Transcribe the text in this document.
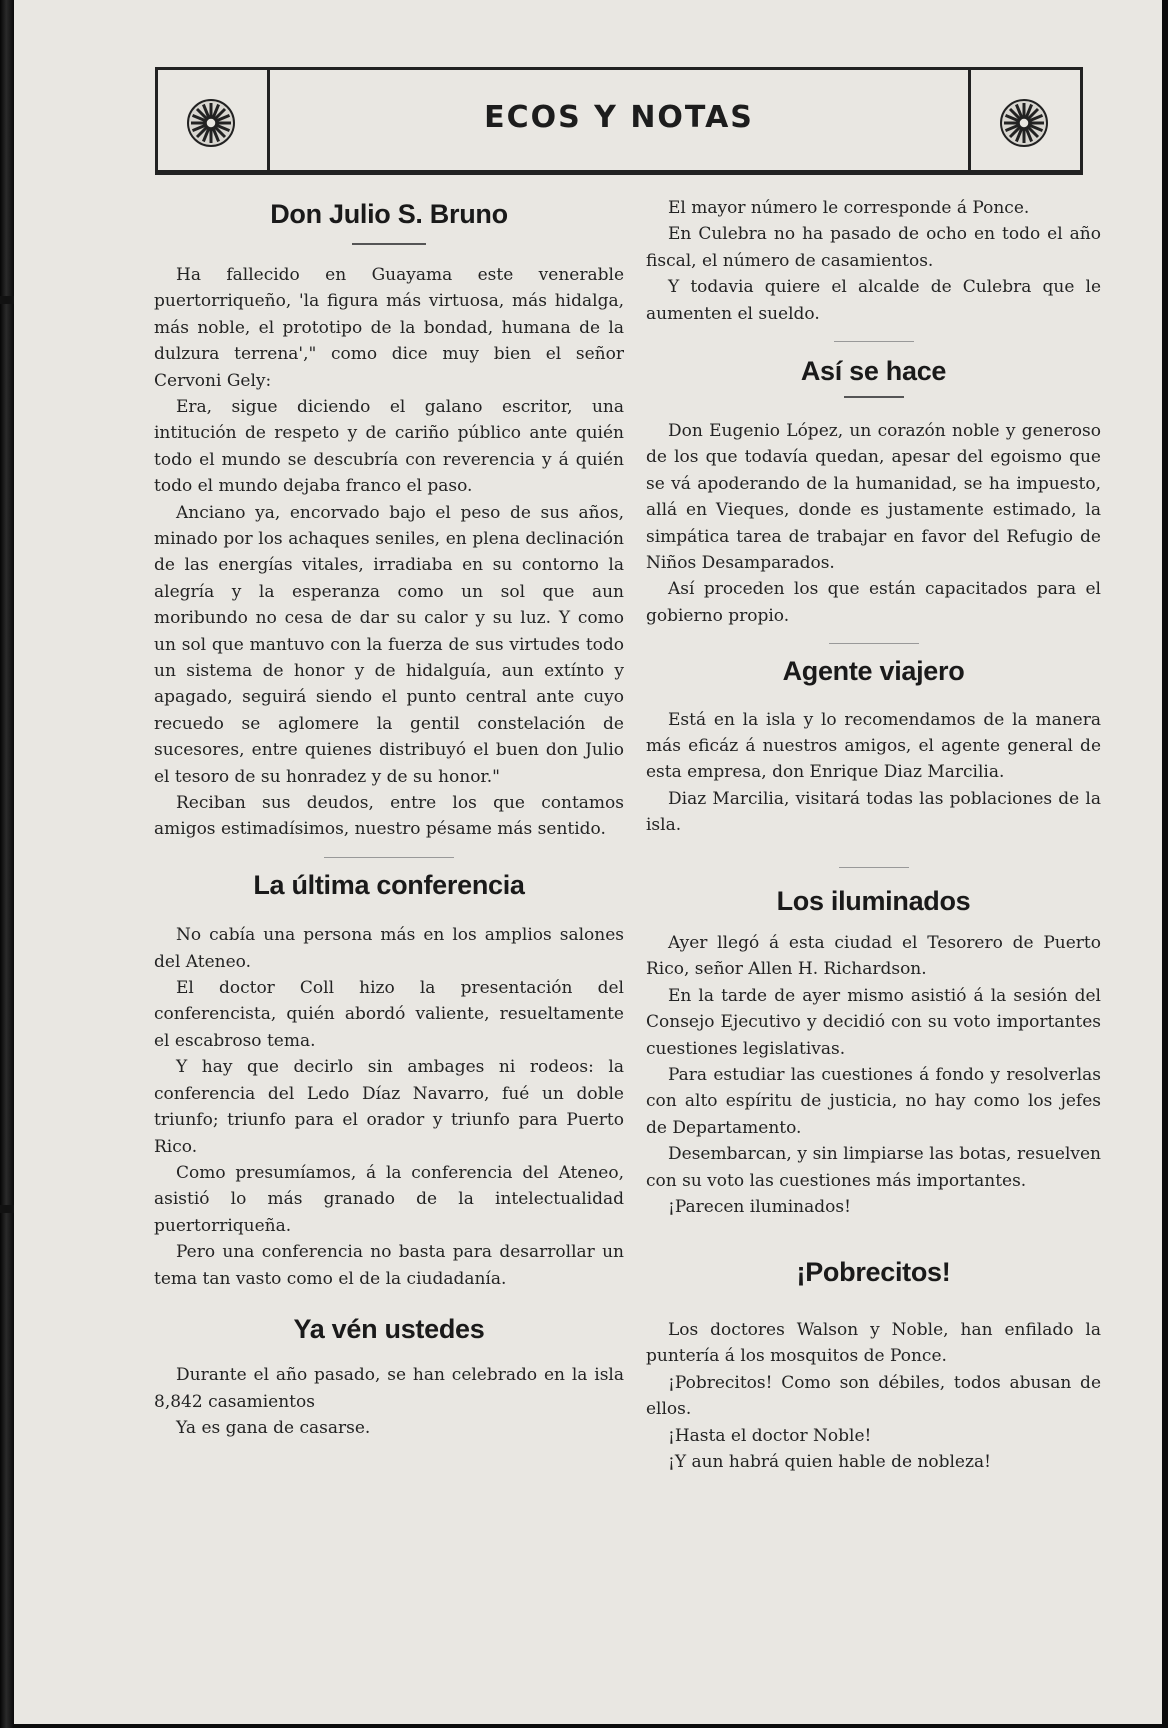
ECOS Y NOTAS
Don Julio S. Bruno

Ha fallecido en Guayama este venerable puertorriqueño, 'la figura más virtuosa, más hidalga, más noble, el prototipo de la bondad, humana de la dulzura terrena'," como dice muy bien el señor Cervoni Gely:

Era, sigue diciendo el galano escritor, una intitución de respeto y de cariño público ante quién todo el mundo se descubría con reverencia y á quién todo el mundo dejaba franco el paso.

Anciano ya, encorvado bajo el peso de sus años, minado por los achaques seniles, en plena declinación de las energías vitales, irradiaba en su contorno la alegría y la esperanza como un sol que aun moribundo no cesa de dar su calor y su luz. Y como un sol que mantuvo con la fuerza de sus virtudes todo un sistema de honor y de hidalguía, aun extínto y apagado, seguirá siendo el punto central ante cuyo recuedo se aglomere la gentil constelación de sucesores, entre quienes distribuyó el buen don Julio el tesoro de su honradez y de su honor."

Reciban sus deudos, entre los que contamos amigos estimadísimos, nuestro pésame más sentido.

La última conferencia

No cabía una persona más en los amplios salones del Ateneo.

El doctor Coll hizo la presentación del conferencista, quién abordó valiente, resueltamente el escabroso tema.

Y hay que decirlo sin ambages ni rodeos: la conferencia del Ledo Díaz Navarro, fué un doble triunfo; triunfo para el orador y triunfo para Puerto Rico.

Como presumíamos, á la conferencia del Ateneo, asistió lo más granado de la intelectualidad puertorriqueña.

Pero una conferencia no basta para desarrollar un tema tan vasto como el de la ciudadanía.

Ya vén ustedes

Durante el año pasado, se han celebrado en la isla 8,842 casamientos

Ya es gana de casarse.

El mayor número le corresponde á Ponce.

En Culebra no ha pasado de ocho en todo el año fiscal, el número de casamientos.

Y todavia quiere el alcalde de Culebra que le aumenten el sueldo.

Así se hace

Don Eugenio López, un corazón noble y generoso de los que todavía quedan, apesar del egoismo que se vá apoderando de la humanidad, se ha impuesto, allá en Vieques, donde es justamente estimado, la simpática tarea de trabajar en favor del Refugio de Niños Desamparados.

Así proceden los que están capacitados para el gobierno propio.

Agente viajero

Está en la isla y lo recomendamos de la manera más eficáz á nuestros amigos, el agente general de esta empresa, don Enrique Diaz Marcilia.

Diaz Marcilia, visitará todas las poblaciones de la isla.

Los iluminados

Ayer llegó á esta ciudad el Tesorero de Puerto Rico, señor Allen H. Richardson.

En la tarde de ayer mismo asistió á la sesión del Consejo Ejecutivo y decidió con su voto importantes cuestiones legislativas.

Para estudiar las cuestiones á fondo y resolverlas con alto espíritu de justicia, no hay como los jefes de Departamento.

Desembarcan, y sin limpiarse las botas, resuelven con su voto las cuestiones más importantes.

¡Parecen iluminados!

¡Pobrecitos!

Los doctores Walson y Noble, han enfilado la puntería á los mosquitos de Ponce.

¡Pobrecitos! Como son débiles, todos abusan de ellos.

¡Hasta el doctor Noble!

¡Y aun habrá quien hable de nobleza!
